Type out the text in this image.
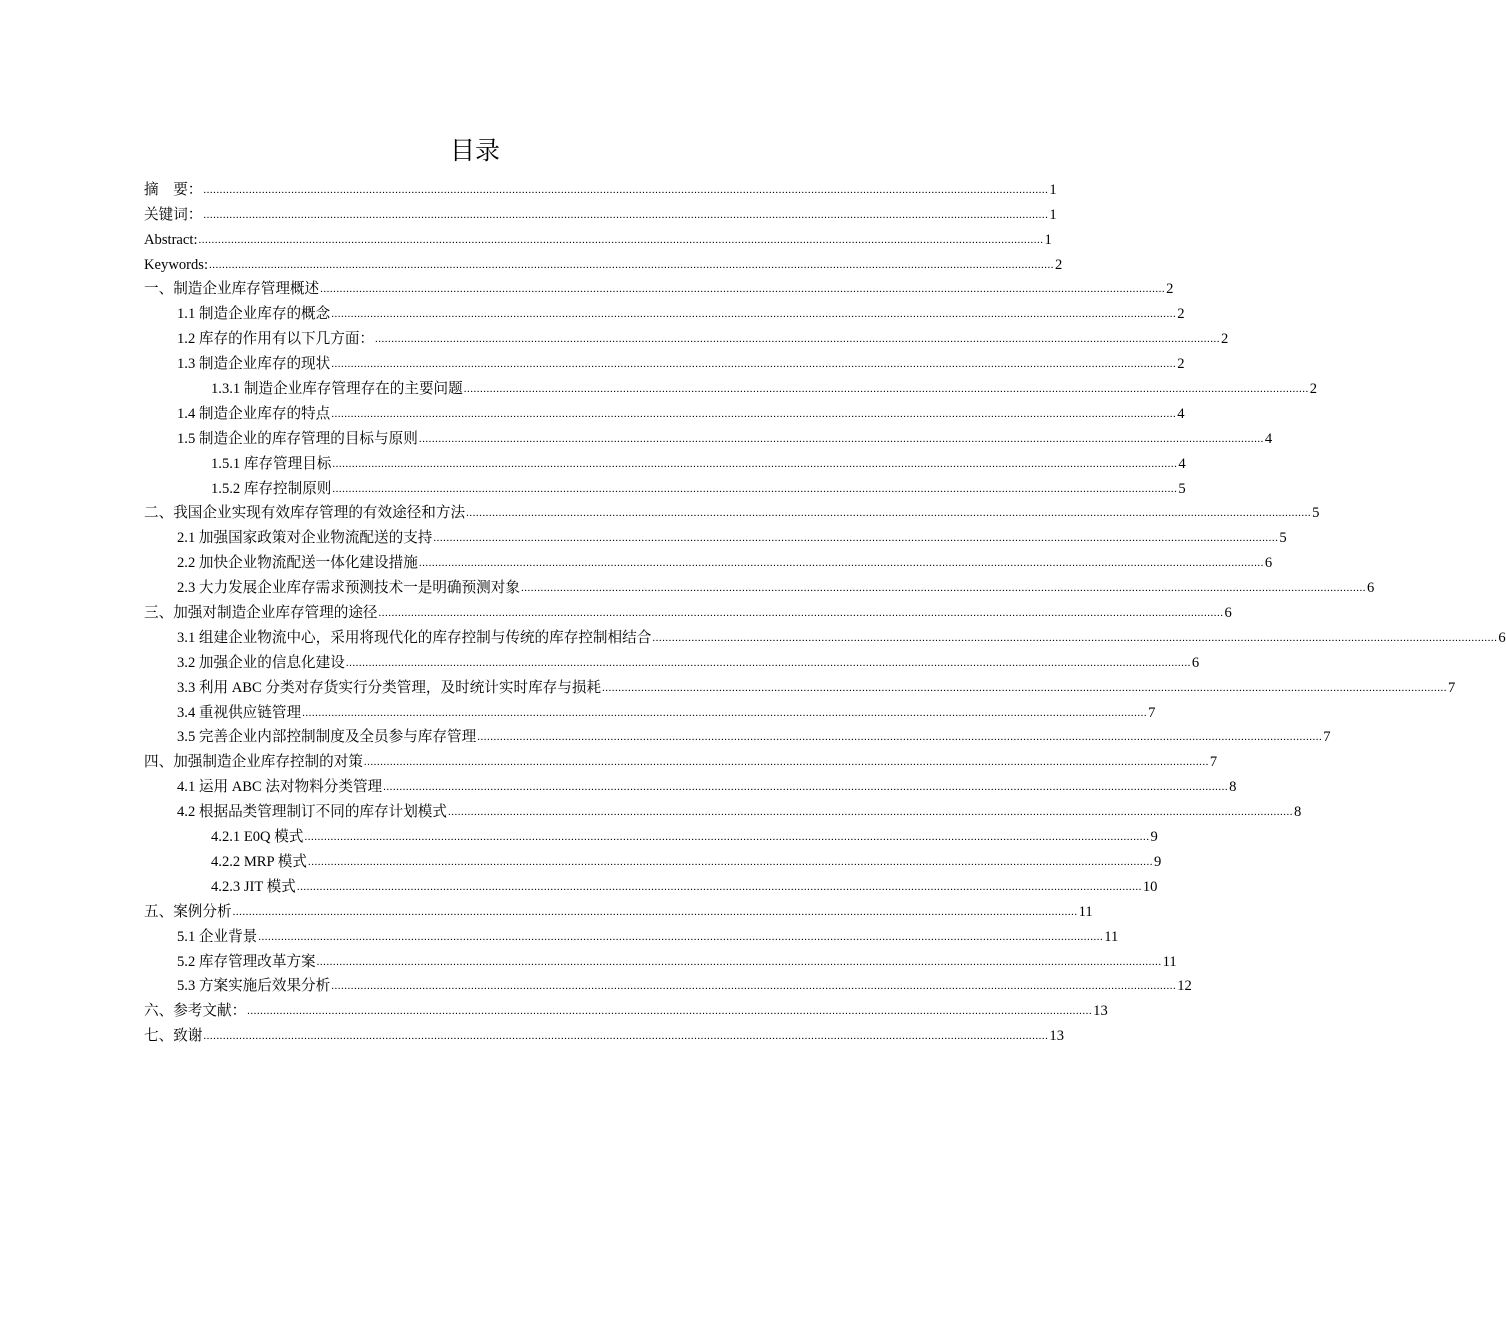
目录
摘　要： .................................................................................................................................................................................................................................................................... 1
关键词： .................................................................................................................................................................................................................................................................... 1
Abstract: .................................................................................................................................................................................................................................................................... 1
Keywords: .................................................................................................................................................................................................................................................................... 2
一、制造企业库存管理概述 .................................................................................................................................................................................................................................................................... 2
1.1 制造企业库存的概念 .................................................................................................................................................................................................................................................................... 2
1.2 库存的作用有以下几方面： .................................................................................................................................................................................................................................................................... 2
1.3 制造企业库存的现状 .................................................................................................................................................................................................................................................................... 2
1.3.1 制造企业库存管理存在的主要问题 .................................................................................................................................................................................................................................................................... 2
1.4 制造企业库存的特点 .................................................................................................................................................................................................................................................................... 4
1.5 制造企业的库存管理的目标与原则 .................................................................................................................................................................................................................................................................... 4
1.5.1 库存管理目标 .................................................................................................................................................................................................................................................................... 4
1.5.2 库存控制原则 .................................................................................................................................................................................................................................................................... 5
二、我国企业实现有效库存管理的有效途径和方法 .................................................................................................................................................................................................................................................................... 5
2.1 加强国家政策对企业物流配送的支持 .................................................................................................................................................................................................................................................................... 5
2.2 加快企业物流配送一体化建设措施 .................................................................................................................................................................................................................................................................... 6
2.3 大力发展企业库存需求预测技术一是明确预测对象 .................................................................................................................................................................................................................................................................... 6
三、加强对制造企业库存管理的途径 .................................................................................................................................................................................................................................................................... 6
3.1 组建企业物流中心，采用将现代化的库存控制与传统的库存控制相结合 .................................................................................................................................................................................................................................................................... 6
3.2 加强企业的信息化建设 .................................................................................................................................................................................................................................................................... 6
3.3 利用 ABC 分类对存货实行分类管理，及时统计实时库存与损耗 .................................................................................................................................................................................................................................................................... 7
3.4 重视供应链管理 .................................................................................................................................................................................................................................................................... 7
3.5 完善企业内部控制制度及全员参与库存管理 .................................................................................................................................................................................................................................................................... 7
四、加强制造企业库存控制的对策 .................................................................................................................................................................................................................................................................... 7
4.1 运用 ABC 法对物料分类管理 .................................................................................................................................................................................................................................................................... 8
4.2 根据品类管理制订不同的库存计划模式 .................................................................................................................................................................................................................................................................... 8
4.2.1 E0Q 模式 .................................................................................................................................................................................................................................................................... 9
4.2.2 MRP 模式 .................................................................................................................................................................................................................................................................... 9
4.2.3 JIT 模式 .................................................................................................................................................................................................................................................................... 10
五、案例分析 .................................................................................................................................................................................................................................................................... 11
5.1 企业背景 .................................................................................................................................................................................................................................................................... 11
5.2 库存管理改革方案 .................................................................................................................................................................................................................................................................... 11
5.3 方案实施后效果分析 .................................................................................................................................................................................................................................................................... 12
六、参考文献： .................................................................................................................................................................................................................................................................... 13
七、致谢 .................................................................................................................................................................................................................................................................... 13
